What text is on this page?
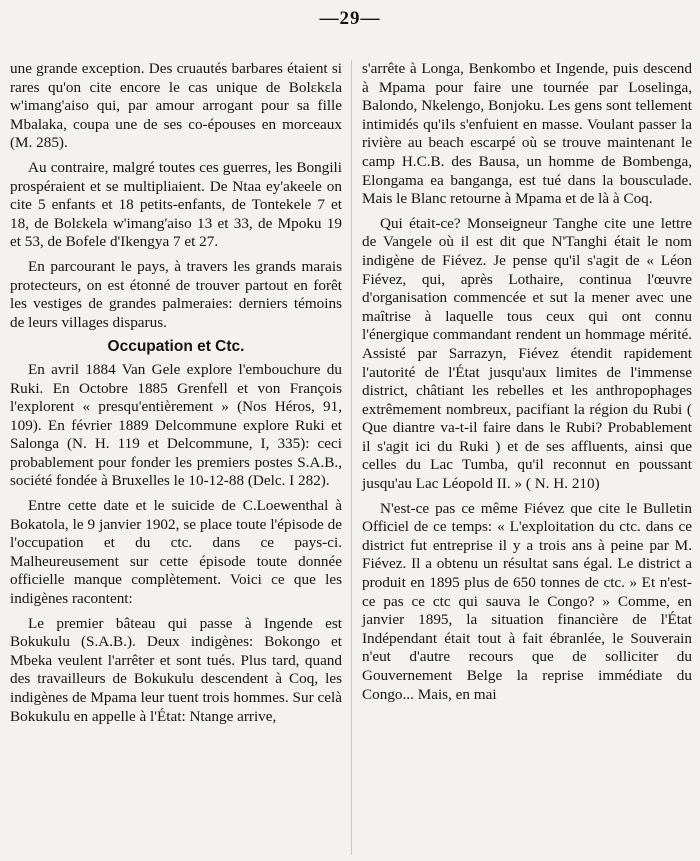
—29—

une grande exception. Des cruautés barbares étaient si rares qu'on cite encore le cas unique de Bolɛkɛla w'imang'aiso qui, par amour arrogant pour sa fille Mbalaka, coupa une de ses co-épouses en morceaux (M. 285).

Au contraire, malgré toutes ces guerres, les Bongili prospéraient et se multipliaient. De Ntaa ey'akeele on cite 5 enfants et 18 petits-enfants, de Tontekele 7 et 18, de Bolɛkela w'imang'aiso 13 et 33, de Mpoku 19 et 53, de Bofele d'Ikengya 7 et 27.

En parcourant le pays, à travers les grands marais protecteurs, on est étonné de trouver partout en forêt les vestiges de grandes palmeraies: derniers témoins de leurs villages disparus.

Occupation et Ctc.

En avril 1884 Van Gele explore l'embouchure du Ruki. En Octobre 1885 Grenfell et von François l'explorent « presqu'entièrement » (Nos Héros, 91, 109). En février 1889 Delcommune explore Ruki et Salonga (N. H. 119 et Delcommune, I, 335): ceci probablement pour fonder les premiers postes S.A.B., société fondée à Bruxelles le 10-12-88 (Delc. I 282).

Entre cette date et le suicide de C.Loewenthal à Bokatola, le 9 janvier 1902, se place toute l'épisode de l'occupation et du ctc. dans ce pays-ci. Malheureusement sur cette épisode toute donnée officielle manque complètement. Voici ce que les indigènes racontent:

Le premier bâteau qui passe à Ingende est Bokukulu (S.A.B.). Deux indigènes: Bokongo et Mbeka veulent l'arrêter et sont tués. Plus tard, quand des travailleurs de Bokukulu descendent à Coq, les indigènes de Mpama leur tuent trois hommes. Sur celà Bokukulu en appelle à l'État: Ntange arrive,

s'arrête à Longa, Benkombo et Ingende, puis descend à Mpama pour faire une tournée par Loselinga, Balondo, Nkelengo, Bonjoku. Les gens sont tellement intimidés qu'ils s'enfuient en masse. Voulant passer la rivière au beach escarpé où se trouve maintenant le camp H.C.B. des Bausa, un homme de Bombenga, Elongama ea banganga, est tué dans la bousculade. Mais le Blanc retourne à Mpama et de là à Coq.

Qui était-ce? Monseigneur Tanghe cite une lettre de Vangele où il est dit que N'Tanghi était le nom indigène de Fiévez. Je pense qu'il s'agit de « Léon Fiévez, qui, après Lothaire, continua l'œuvre d'organisation commencée et sut la mener avec une maîtrise à laquelle tous ceux qui ont connu l'énergique commandant rendent un hommage mérité. Assisté par Sarrazyn, Fiévez étendit rapidement l'autorité de l'État jusqu'aux limites de l'immense district, châtiant les rebelles et les anthropophages extrêmement nombreux, pacifiant la région du Rubi ( Que diantre va-t-il faire dans le Rubi? Probablement il s'agit ici du Ruki ) et de ses affluents, ainsi que celles du Lac Tumba, qu'il reconnut en poussant jusqu'au Lac Léopold II. » ( N. H. 210)

N'est-ce pas ce même Fiévez que cite le Bulletin Officiel de ce temps: « L'exploitation du ctc. dans ce district fut entreprise il y a trois ans à peine par M. Fiévez. Il a obtenu un résultat sans égal. Le district a produit en 1895 plus de 650 tonnes de ctc. » Et n'est-ce pas ce ctc qui sauva le Congo? » Comme, en janvier 1895, la situation financière de l'État Indépendant était tout à fait ébranlée, le Souverain n'eut d'autre recours que de solliciter du Gouvernement Belge la reprise immédiate du Congo... Mais, en mai
